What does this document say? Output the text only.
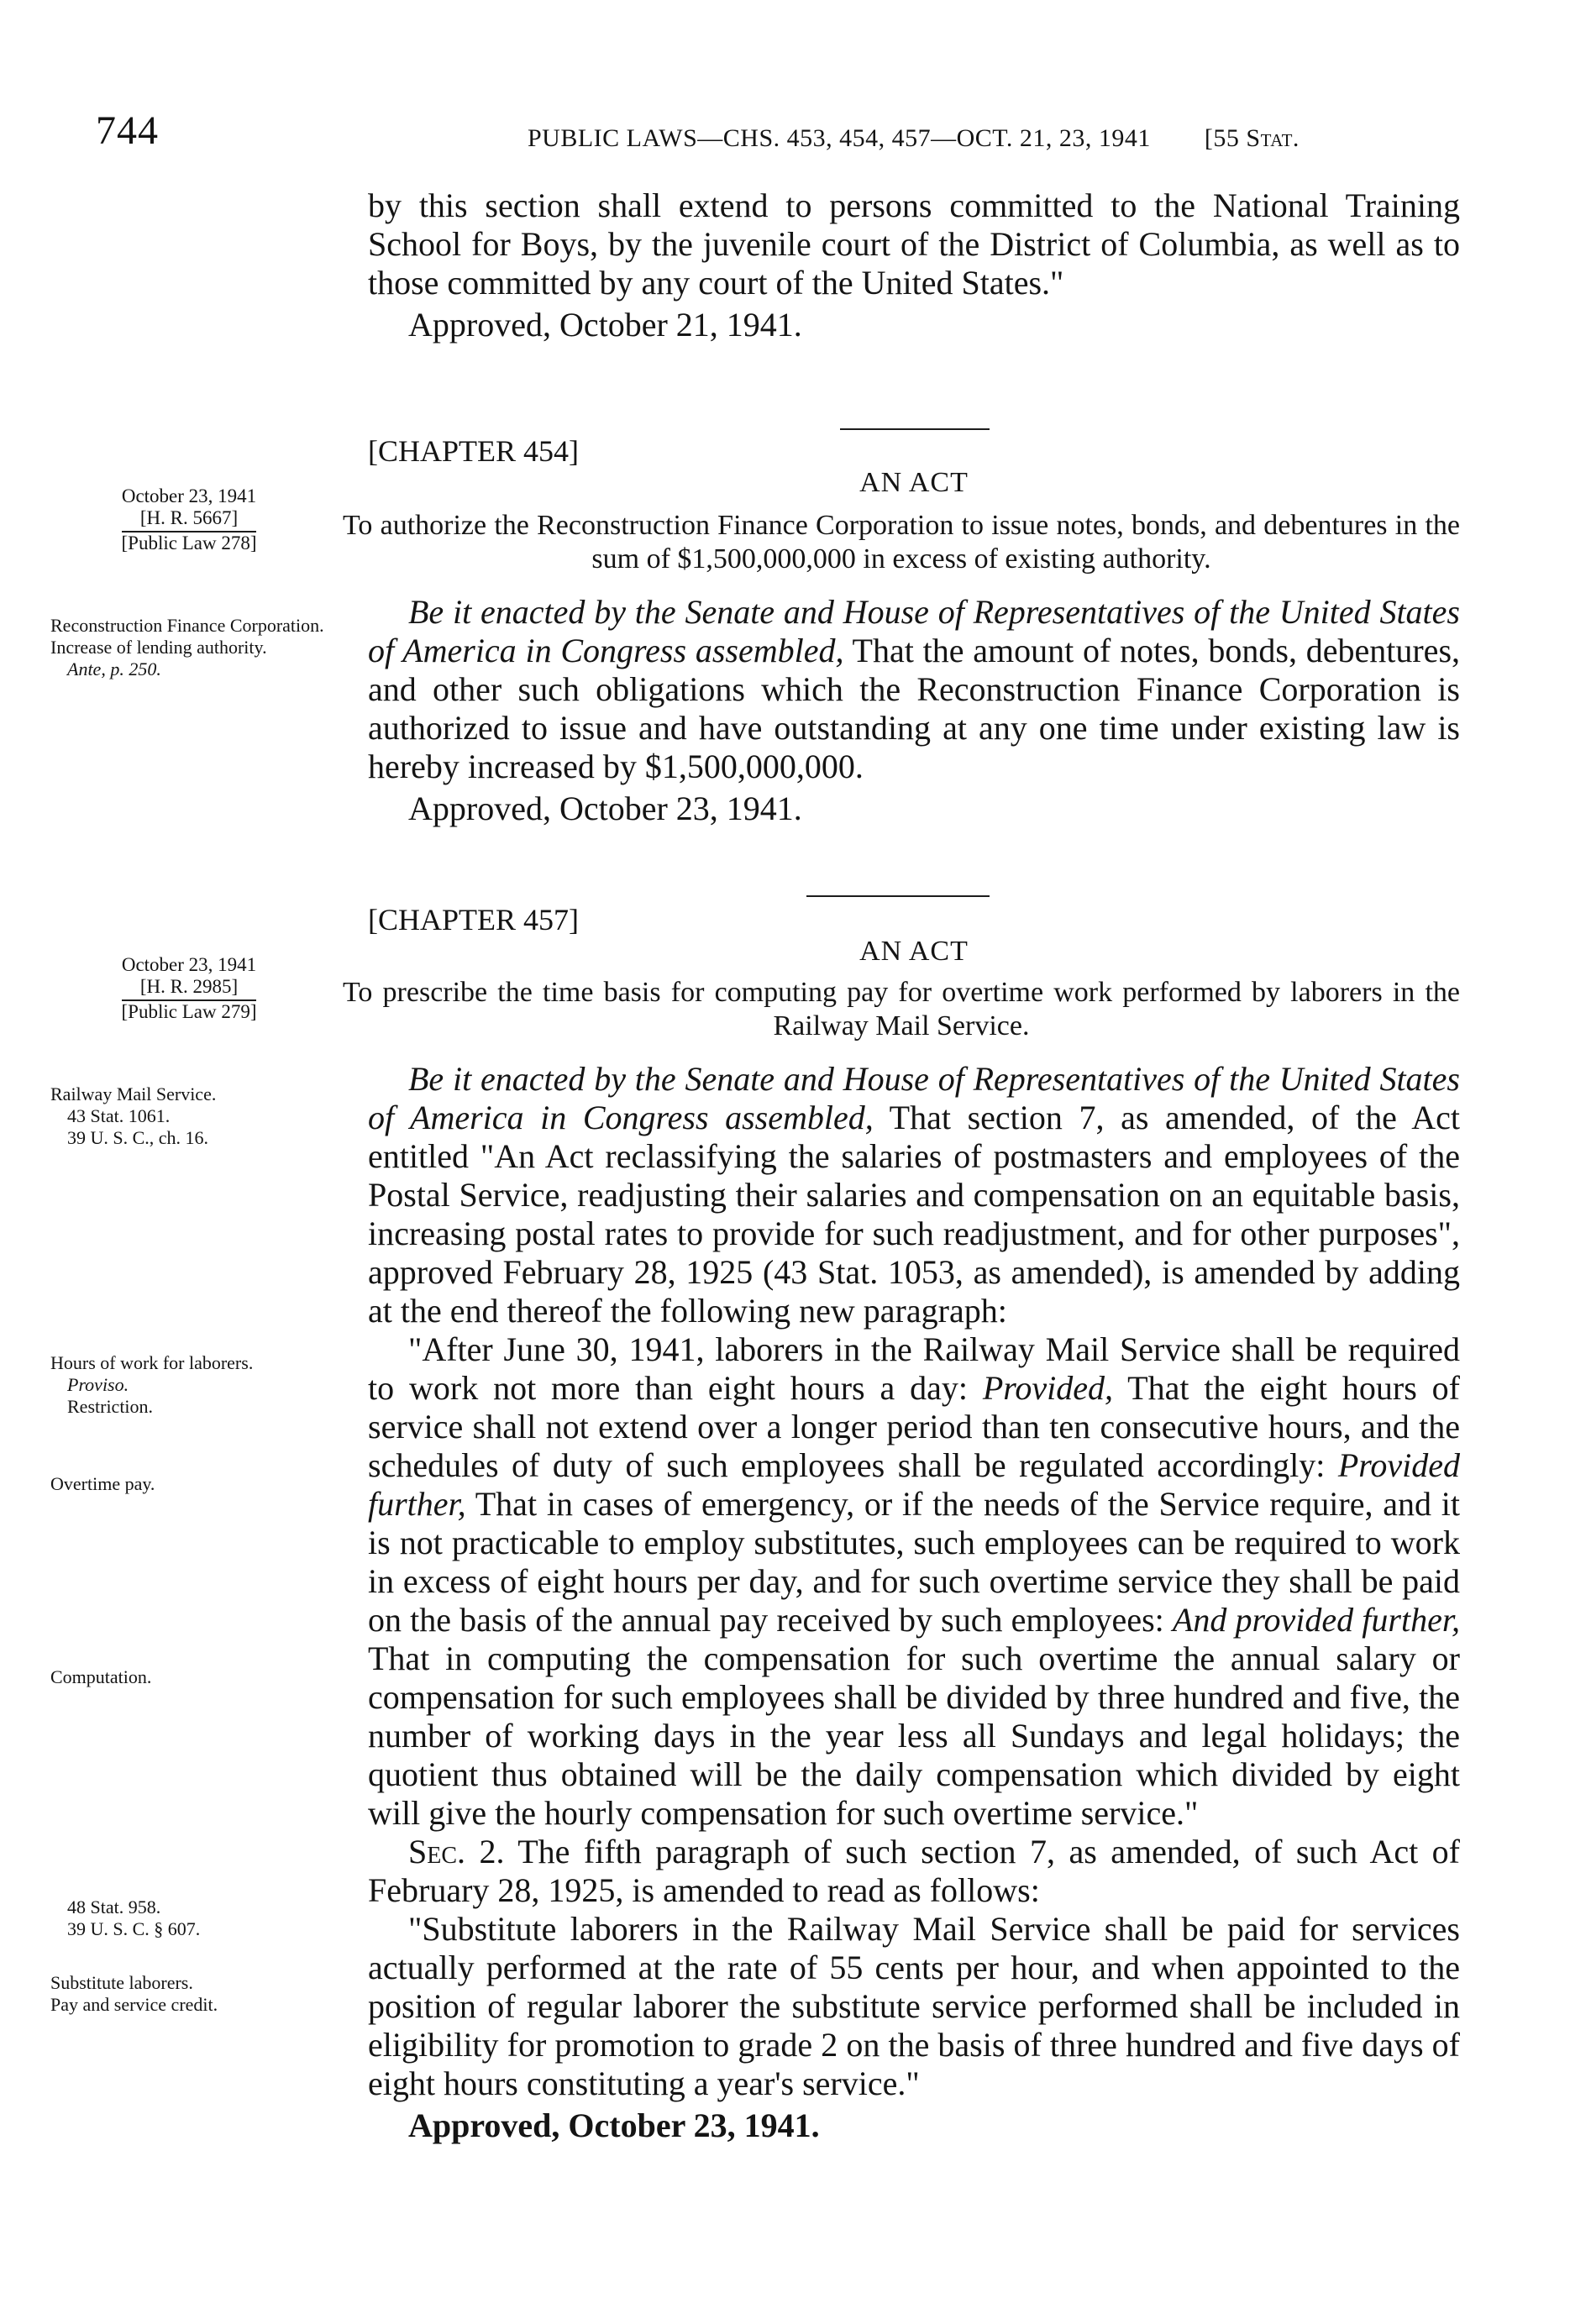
744	PUBLIC LAWS—CHS. 453, 454, 457—OCT. 21, 23, 1941 [55 Stat.

by this section shall extend to persons committed to the National Training School for Boys, by the juvenile court of the District of Columbia, as well as to those committed by any court of the United States."

Approved, October 21, 1941.

[CHAPTER 454]
AN ACT
To authorize the Reconstruction Finance Corporation to issue notes, bonds, and debentures in the sum of $1,500,000,000 in excess of existing authority.
October 23, 1941
[H. R. 5667]
[Public Law 278]

Be it enacted by the Senate and House of Representatives of the United States of America in Congress assembled, That the amount of notes, bonds, debentures, and other such obligations which the Reconstruction Finance Corporation is authorized to issue and have outstanding at any one time under existing law is hereby increased by $1,500,000,000.

Approved, October 23, 1941.

Reconstruction Finance Corporation.
Increase of lending authority.
Ante, p. 250.
[CHAPTER 457]
AN ACT
To prescribe the time basis for computing pay for overtime work performed by laborers in the Railway Mail Service.
October 23, 1941
[H. R. 2985]
[Public Law 279]

Be it enacted by the Senate and House of Representatives of the United States of America in Congress assembled, That section 7, as amended, of the Act entitled "An Act reclassifying the salaries of postmasters and employees of the Postal Service, readjusting their salaries and compensation on an equitable basis, increasing postal rates to provide for such readjustment, and for other purposes", approved February 28, 1925 (43 Stat. 1053, as amended), is amended by adding at the end thereof the following new paragraph:

"After June 30, 1941, laborers in the Railway Mail Service shall be required to work not more than eight hours a day: Provided, That the eight hours of service shall not extend over a longer period than ten consecutive hours, and the schedules of duty of such employees shall be regulated accordingly: Provided further, That in cases of emergency, or if the needs of the Service require, and it is not practicable to employ substitutes, such employees can be required to work in excess of eight hours per day, and for such overtime service they shall be paid on the basis of the annual pay received by such employees: And provided further, That in computing the compensation for such overtime the annual salary or compensation for such employees shall be divided by three hundred and five, the number of working days in the year less all Sundays and legal holidays; the quotient thus obtained will be the daily compensation which divided by eight will give the hourly compensation for such overtime service."

Sec. 2. The fifth paragraph of such section 7, as amended, of such Act of February 28, 1925, is amended to read as follows:

"Substitute laborers in the Railway Mail Service shall be paid for services actually performed at the rate of 55 cents per hour, and when appointed to the position of regular laborer the substitute service performed shall be included in eligibility for promotion to grade 2 on the basis of three hundred and five days of eight hours constituting a year's service."

Approved, October 23, 1941.

Railway Mail Service.
43 Stat. 1061.
39 U. S. C., ch. 16.
Hours of work for laborers.
Proviso.
Restriction.
Overtime pay.
Computation.
48 Stat. 958.
39 U. S. C. § 607.
Substitute laborers.
Pay and service credit.
